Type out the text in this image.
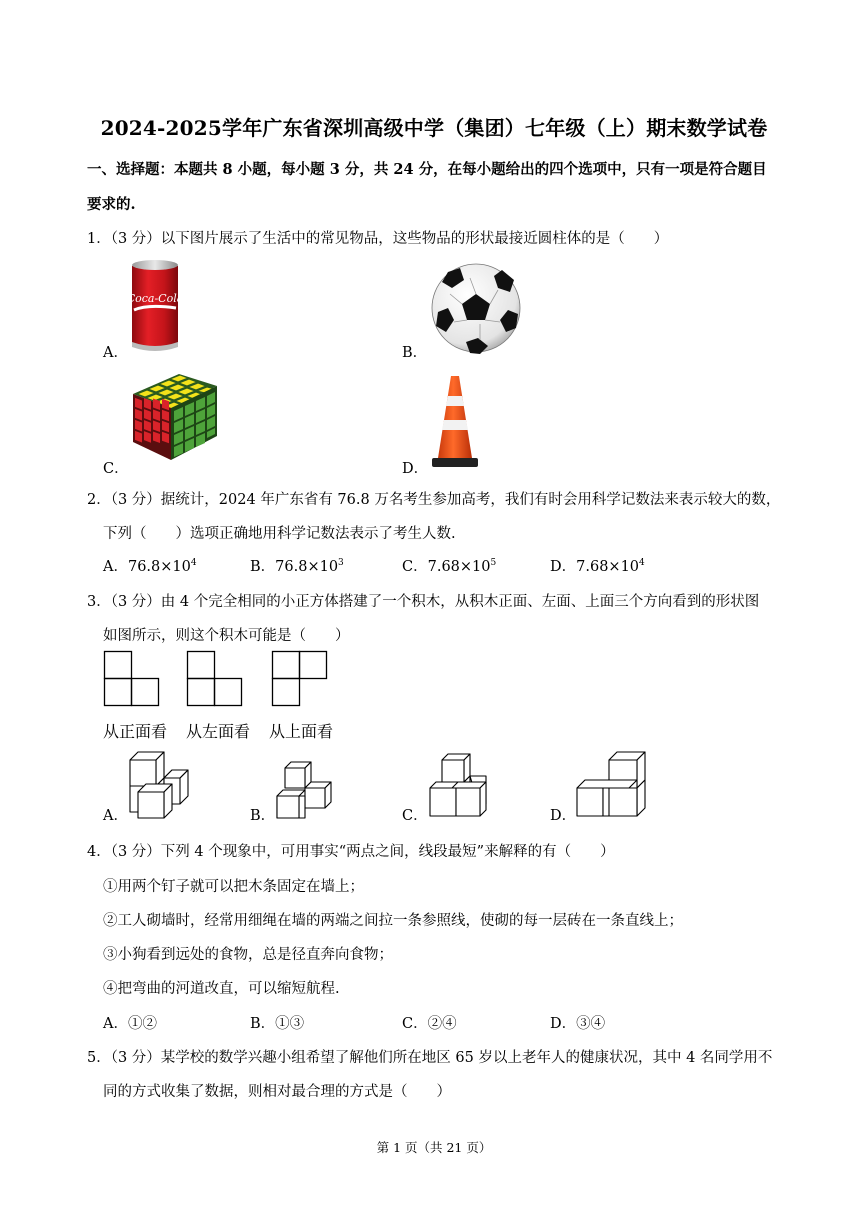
2024-2025学年广东省深圳高级中学（集团）七年级（上）期末数学试卷
一、选择题：本题共 8 小题，每小题 3 分，共 24 分，在每小题给出的四个选项中，只有一项是符合题目
要求的.
1．（3 分）以下图片展示了生活中的常见物品，这些物品的形状最接近圆柱体的是（　　）
A．
Coca-Cola
B．
C．	D．
2．（3 分）据统计，2024 年广东省有 76.8 万名考生参加高考，我们有时会用科学记数法来表示较大的数，
下列（　　）选项正确地用科学记数法表示了考生人数.
A．$76.8\times 10^4$	B．$76.8\times 10^3$	C．$7.68\times 10^5$	D．$7.68\times 10^4$
3．（3 分）由 4 个完全相同的小正方体搭建了一个积木，从积木正面、左面、上面三个方向看到的形状图
如图所示，则这个积木可能是（　　）
从正面看 从左面看 从上面看
A．	B．	C．	D．
4．（3 分）下列 4 个现象中，可用事实“两点之间，线段最短”来解释的有（　　）
①用两个钉子就可以把木条固定在墙上；
②工人砌墙时，经常用细绳在墙的两端之间拉一条参照线，使砌的每一层砖在一条直线上；
③小狗看到远处的食物，总是径直奔向食物；
④把弯曲的河道改直，可以缩短航程.
A．①②	B．①③	C．②④	D．③④
5．（3 分）某学校的数学兴趣小组希望了解他们所在地区 65 岁以上老年人的健康状况，其中 4 名同学用不
同的方式收集了数据，则相对最合理的方式是（　　）
第 1 页（共 21 页）
